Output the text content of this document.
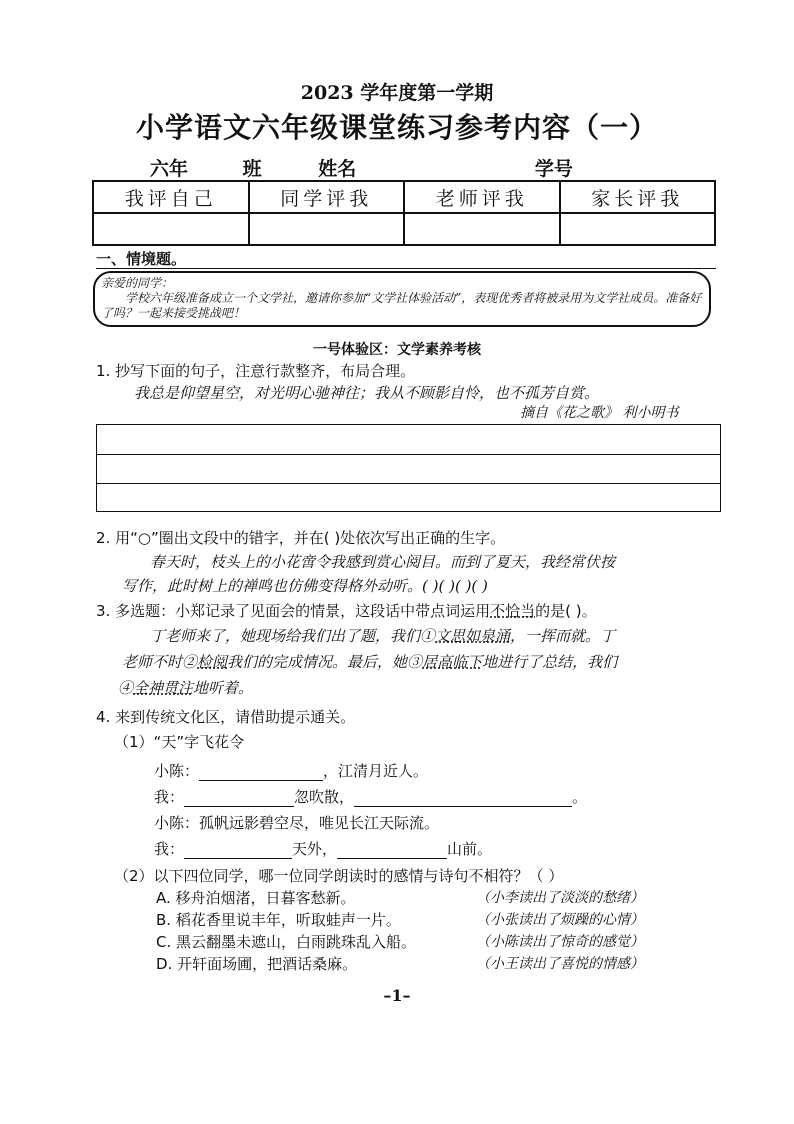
2023 学年度第一学期
小学语文六年级课堂练习参考内容（一）
六年	班	姓名	学号
我评自己	同学评我	老师评我	家长评我

一、情境题。
亲爱的同学：
学校六年级准备成立一个文学社，邀请你参加“文学社体验活动”，表现优秀者将被录用为文学社成员。准备好了吗？一起来接受挑战吧！
一号体验区：文学素养考核
1. 抄写下面的句子，注意行款整齐，布局合理。
我总是仰望星空，对光明心驰神往；我从不顾影自怜，也不孤芳自赏。
摘自《花之歌》 利小明书
2. 用“○”圈出文段中的错字，并在( )处依次写出正确的生字。
春天时，枝头上的小花啻令我感到赏心阅目。而到了夏天，我经常伏按
写作，此时树上的禅鸣也仿佛变得格外动听。( )( )( )( )
3. 多选题：小郑记录了见面会的情景，这段话中带点词运用不恰当的是( )。
丁老师来了，她现场给我们出了题，我们①文思如泉涌，一挥而就。丁
老师不时②检阅我们的完成情况。最后，她③居高临下地进行了总结，我们
④全神贯注地听着。
4. 来到传统文化区，请借助提示通关。
（1）“天”字飞花令
小陈：	，江清月近人。
我：	忽吹散，	。
小陈：孤帆远影碧空尽，唯见长江天际流。
我：	天外，	山前。
（2）以下四位同学，哪一位同学朗读时的感情与诗句不相符？（ ）
A. 移舟泊烟渚，日暮客愁新。	（小李读出了淡淡的愁绪）
B. 稻花香里说丰年，听取蛙声一片。	（小张读出了烦躁的心情）
C. 黑云翻墨未遮山，白雨跳珠乱入船。	（小陈读出了惊奇的感觉）
D. 开轩面场圃，把酒话桑麻。	（小王读出了喜悦的情感）
–1–
